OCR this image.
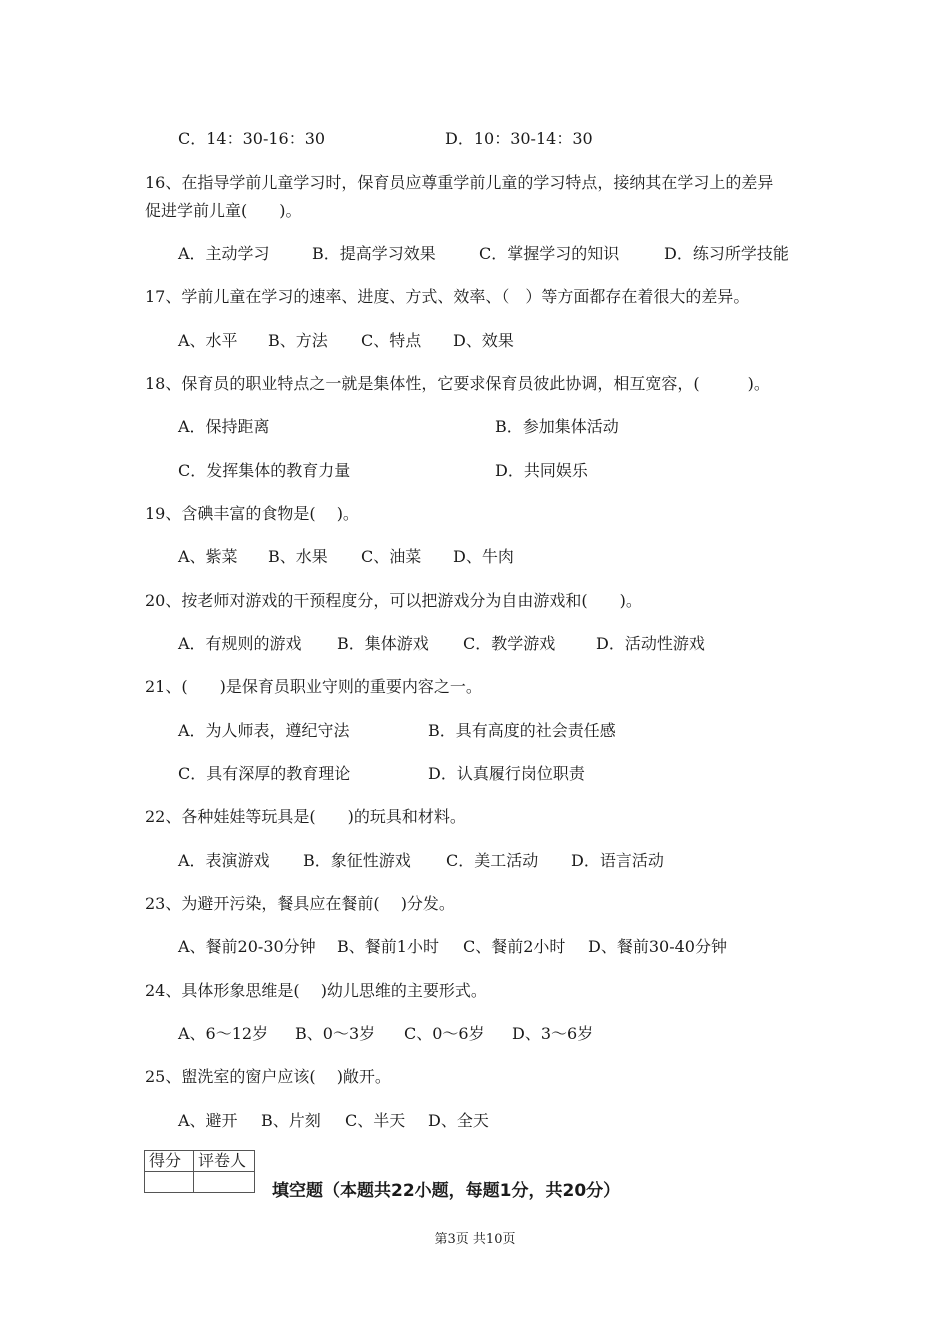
C．14：30-16：30	D．10：30-14：30
16、在指导学前儿童学习时，保育员应尊重学前儿童的学习特点，接纳其在学习上的差异
促进学前儿童(　　)。
A．主动学习	B．提高学习效果	C．掌握学习的知识	D．练习所学技能
17、学前儿童在学习的速率、进度、方式、效率、（　）等方面都存在着很大的差异。
A、水平 B、方法 C、特点 D、效果
18、保育员的职业特点之一就是集体性，它要求保育员彼此协调，相互宽容，(　　　)。
A．保持距离	B．参加集体活动
C．发挥集体的教育力量	D．共同娱乐
19、含碘丰富的食物是(　 )。
A、紫菜 B、水果 C、油菜 D、牛肉
20、按老师对游戏的干预程度分，可以把游戏分为自由游戏和(　　)。
A．有规则的游戏 B．集体游戏 C．教学游戏	D．活动性游戏
21、(　　)是保育员职业守则的重要内容之一。
A．为人师表，遵纪守法	B．具有高度的社会责任感
C．具有深厚的教育理论	D．认真履行岗位职责
22、各种娃娃等玩具是(　　)的玩具和材料。
A．表演游戏 B．象征性游戏 C．美工活动 D．语言活动
23、为避开污染，餐具应在餐前(　 )分发。
A、餐前20-30分钟 B、餐前1小时 C、餐前2小时 D、餐前30-40分钟
24、具体形象思维是(　 )幼儿思维的主要形式。
A、6～12岁 B、0～3岁 C、0～6岁 D、3～6岁
25、盥洗室的窗户应该(　 )敞开。
A、避开 B、片刻 C、半天 D、全天
得分	评卷人

填空题（本题共22小题，每题1分，共20分）
第3页 共10页
